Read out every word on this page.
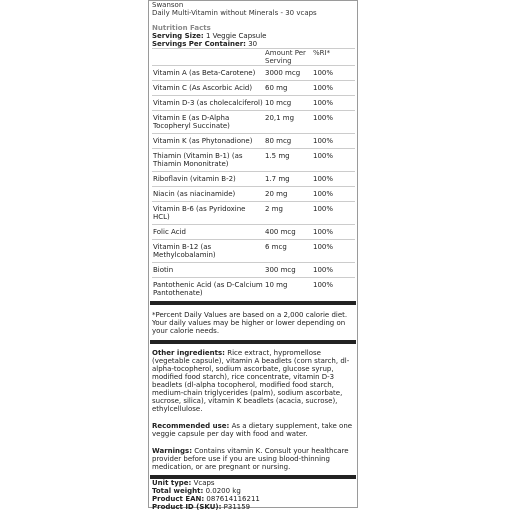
Swanson
Daily Multi-Vitamin without Minerals - 30 vcaps
Nutrition Facts
Serving Size: 1 Veggie Capsule
Servings Per Container: 30
	Amount Per Serving	%RI*
Vitamin A (as Beta-Carotene)	3000 mcg	100%
Vitamin C (As Ascorbic Acid)	60 mg	100%
Vitamin D-3 (as cholecalciferol)	10 mcg	100%
Vitamin E (as D-Alpha Tocopheryl Succinate)	20,1 mg	100%
Vitamin K (as Phytonadione)	80 mcg	100%
Thiamin (Vitamin B-1) (as Thiamin Mononitrate)	1.5 mg	100%
Riboflavin (vitamin B-2)	1.7 mg	100%
Niacin (as niacinamide)	20 mg	100%
Vitamin B-6 (as Pyridoxine HCL)	2 mg	100%
Folic Acid	400 mcg	100%
Vitamin B-12 (as Methylcobalamin)	6 mcg	100%
Biotin	300 mcg	100%
Pantothenic Acid (as D-Calcium Pantothenate)	10 mg	100%
*Percent Daily Values are based on a 2,000 calorie diet. Your daily values may be higher or lower depending on your calorie needs.
Other ingredients: Rice extract, hypromellose (vegetable capsule), vitamin A beadlets (corn starch, dl-alpha-tocopherol, sodium ascorbate, glucose syrup, modified food starch), rice concentrate, vitamin D-3 beadlets (dl-alpha tocopherol, modified food starch, medium-chain triglycerides (palm), sodium ascorbate, sucrose, silica), vitamin K beadlets (acacia, sucrose), ethylcellulose.
Recommended use: As a dietary supplement, take one veggie capsule per day with food and water.
Warnings: Contains vitamin K. Consult your healthcare provider before use if you are using blood-thinning medication, or are pregnant or nursing.
Unit type: Vcaps
Total weight: 0.0200 kg
Product EAN: 087614116211
Product ID (SKU): P31159
